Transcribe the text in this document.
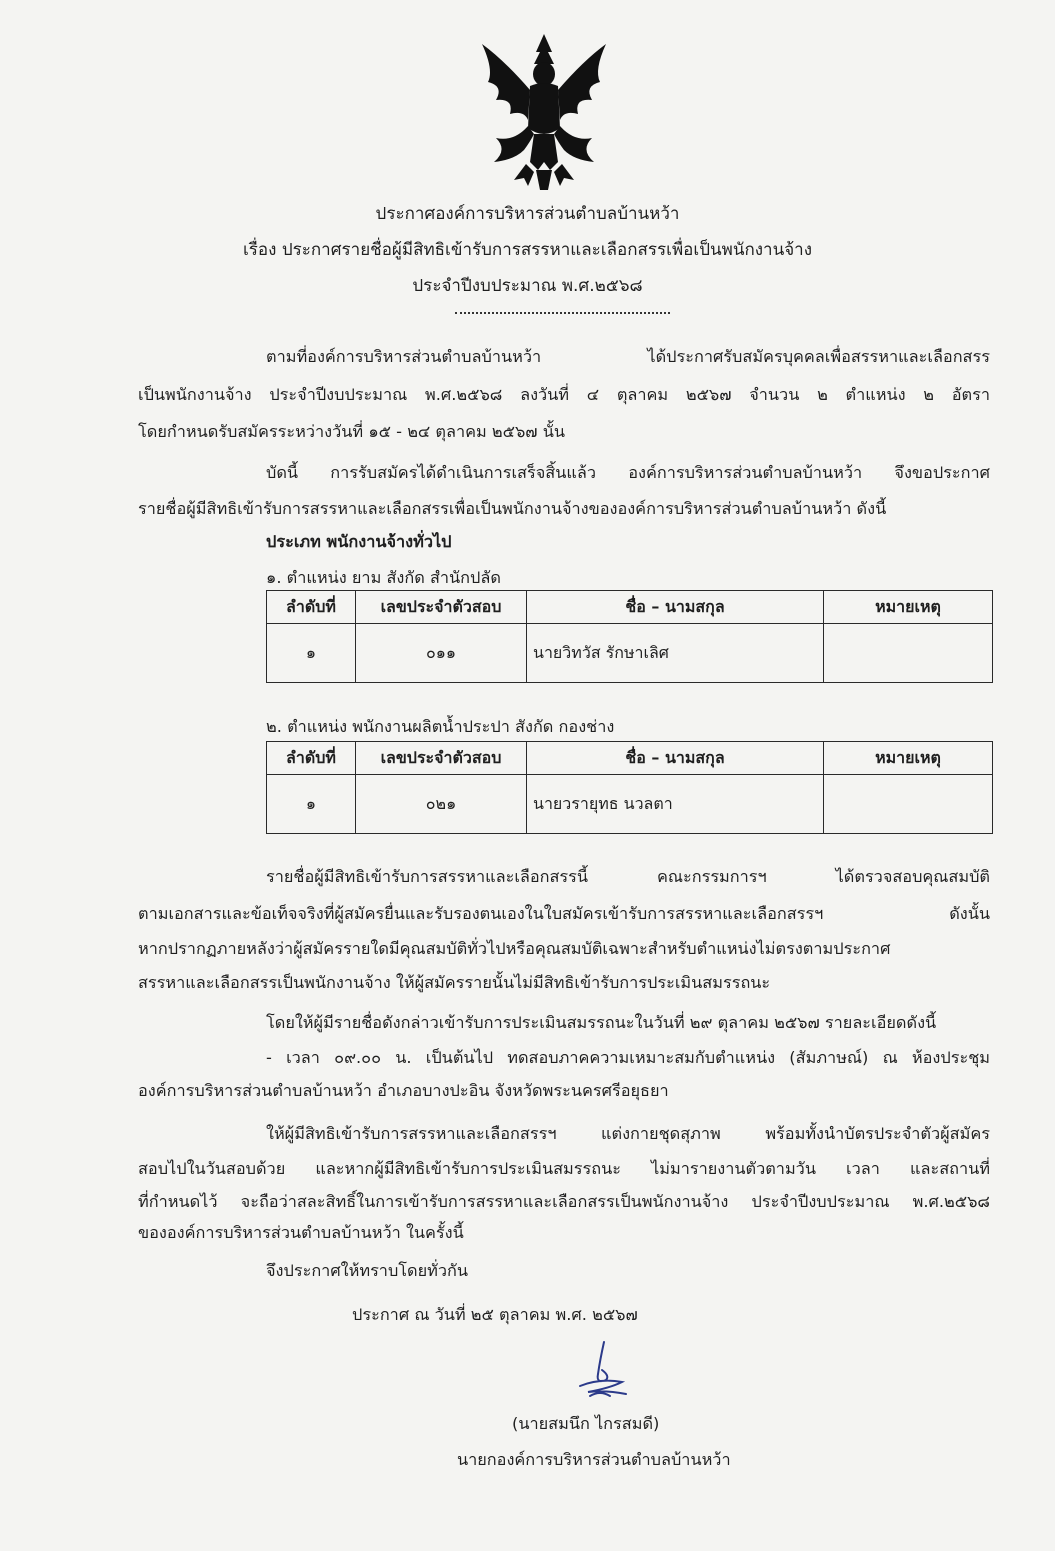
ประกาศองค์การบริหารส่วนตำบลบ้านหว้า
เรื่อง ประกาศรายชื่อผู้มีสิทธิเข้ารับการสรรหาและเลือกสรรเพื่อเป็นพนักงานจ้าง
ประจำปีงบประมาณ พ.ศ.๒๕๖๘
ตามที่องค์การบริหารส่วนตำบลบ้านหว้า ได้ประกาศรับสมัครบุคคลเพื่อสรรหาและเลือกสรร
เป็นพนักงานจ้าง ประจำปีงบประมาณ พ.ศ.๒๕๖๘ ลงวันที่ ๔ ตุลาคม ๒๕๖๗ จำนวน ๒ ตำแหน่ง ๒ อัตรา
โดยกำหนดรับสมัครระหว่างวันที่ ๑๕ - ๒๔ ตุลาคม ๒๕๖๗ นั้น
บัดนี้ การรับสมัครได้ดำเนินการเสร็จสิ้นแล้ว องค์การบริหารส่วนตำบลบ้านหว้า จึงขอประกาศ
รายชื่อผู้มีสิทธิเข้ารับการสรรหาและเลือกสรรเพื่อเป็นพนักงานจ้างขององค์การบริหารส่วนตำบลบ้านหว้า ดังนี้
ประเภท พนักงานจ้างทั่วไป
๑. ตำแหน่ง ยาม สังกัด สำนักปลัด
ลำดับที่	เลขประจำตัวสอบ	ชื่อ – นามสกุล	หมายเหตุ
๑	๐๑๑	นายวิทวัส รักษาเลิศ	
๒. ตำแหน่ง พนักงานผลิตน้ำประปา สังกัด กองช่าง
ลำดับที่	เลขประจำตัวสอบ	ชื่อ – นามสกุล	หมายเหตุ
๑	๐๒๑	นายวรายุทธ นวลตา	
รายชื่อผู้มีสิทธิเข้ารับการสรรหาและเลือกสรรนี้ คณะกรรมการฯ ได้ตรวจสอบคุณสมบัติ
ตามเอกสารและข้อเท็จจริงที่ผู้สมัครยื่นและรับรองตนเองในใบสมัครเข้ารับการสรรหาและเลือกสรรฯ ดังนั้น
หากปรากฏภายหลังว่าผู้สมัครรายใดมีคุณสมบัติทั่วไปหรือคุณสมบัติเฉพาะสำหรับตำแหน่งไม่ตรงตามประกาศ
สรรหาและเลือกสรรเป็นพนักงานจ้าง ให้ผู้สมัครรายนั้นไม่มีสิทธิเข้ารับการประเมินสมรรถนะ
โดยให้ผู้มีรายชื่อดังกล่าวเข้ารับการประเมินสมรรถนะในวันที่ ๒๙ ตุลาคม ๒๕๖๗ รายละเอียดดังนี้
- เวลา ๐๙.๐๐ น. เป็นต้นไป ทดสอบภาคความเหมาะสมกับตำแหน่ง (สัมภาษณ์) ณ ห้องประชุม
องค์การบริหารส่วนตำบลบ้านหว้า อำเภอบางปะอิน จังหวัดพระนครศรีอยุธยา
ให้ผู้มีสิทธิเข้ารับการสรรหาและเลือกสรรฯ แต่งกายชุดสุภาพ พร้อมทั้งนำบัตรประจำตัวผู้สมัคร
สอบไปในวันสอบด้วย และหากผู้มีสิทธิเข้ารับการประเมินสมรรถนะ ไม่มารายงานตัวตามวัน เวลา และสถานที่
ที่กำหนดไว้ จะถือว่าสละสิทธิ์ในการเข้ารับการสรรหาและเลือกสรรเป็นพนักงานจ้าง ประจำปีงบประมาณ พ.ศ.๒๕๖๘
ขององค์การบริหารส่วนตำบลบ้านหว้า ในครั้งนี้
จึงประกาศให้ทราบโดยทั่วกัน
ประกาศ ณ วันที่ ๒๕ ตุลาคม พ.ศ. ๒๕๖๗
(นายสมนึก ไกรสมดี)
นายกองค์การบริหารส่วนตำบลบ้านหว้า
